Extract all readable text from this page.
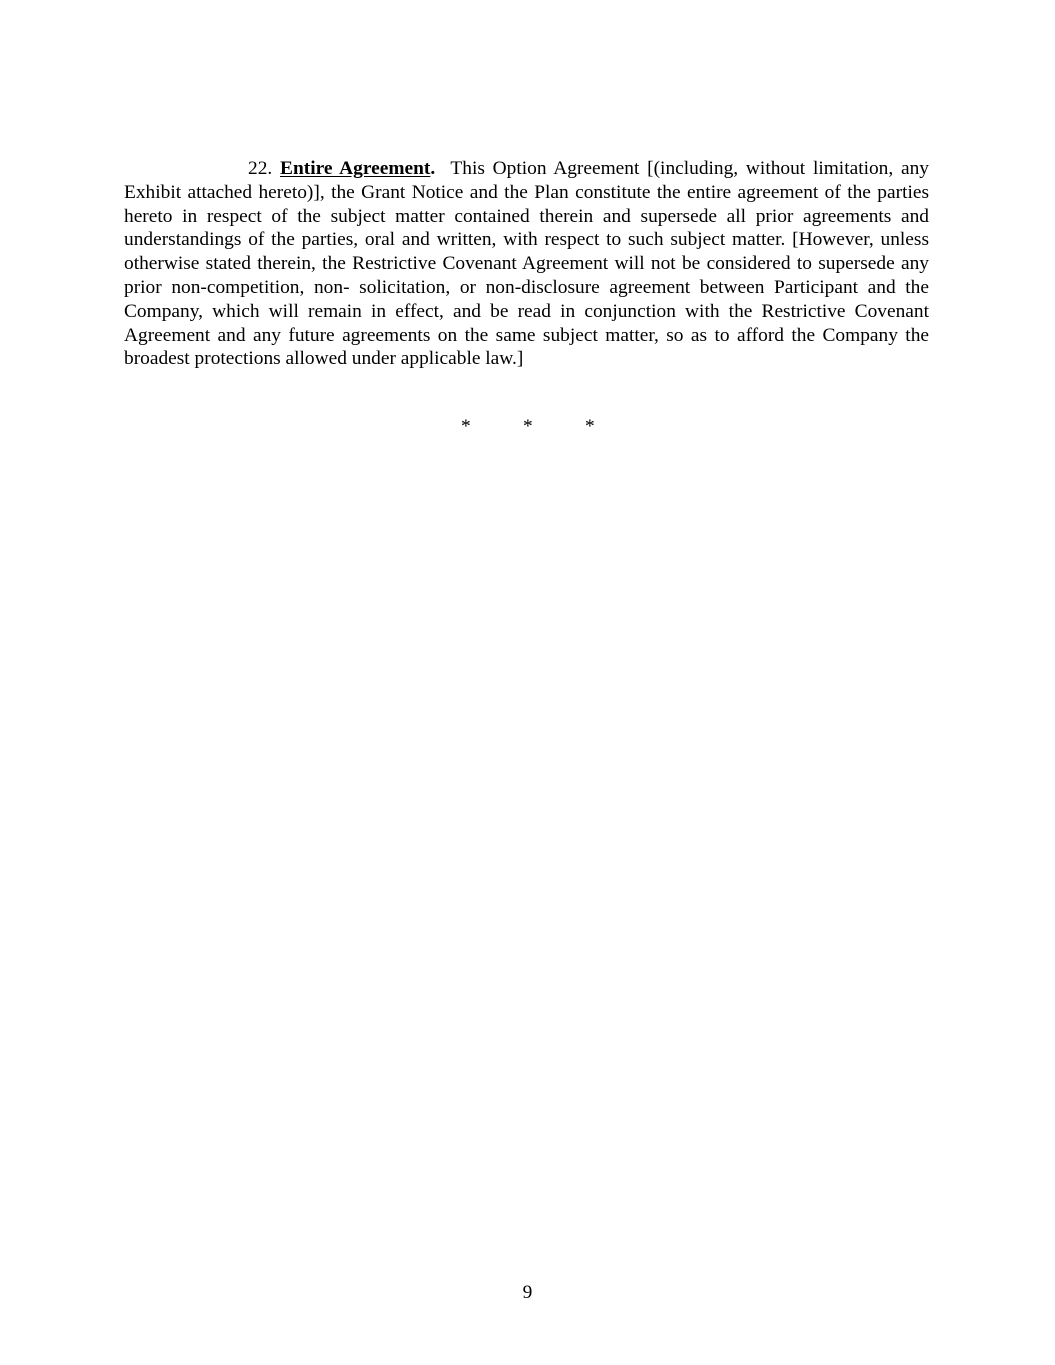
22. Entire Agreement. This Option Agreement [(including, without limitation, any Exhibit attached hereto)], the Grant Notice and the Plan constitute the entire agreement of the parties hereto in respect of the subject matter contained therein and supersede all prior agreements and understandings of the parties, oral and written, with respect to such subject matter. [However, unless otherwise stated therein, the Restrictive Covenant Agreement will not be considered to supersede any prior non-competition, non- solicitation, or non-disclosure agreement between Participant and the Company, which will remain in effect, and be read in conjunction with the Restrictive Covenant Agreement and any future agreements on the same subject matter, so as to afford the Company the broadest protections allowed under applicable law.]

*	*	*
9
